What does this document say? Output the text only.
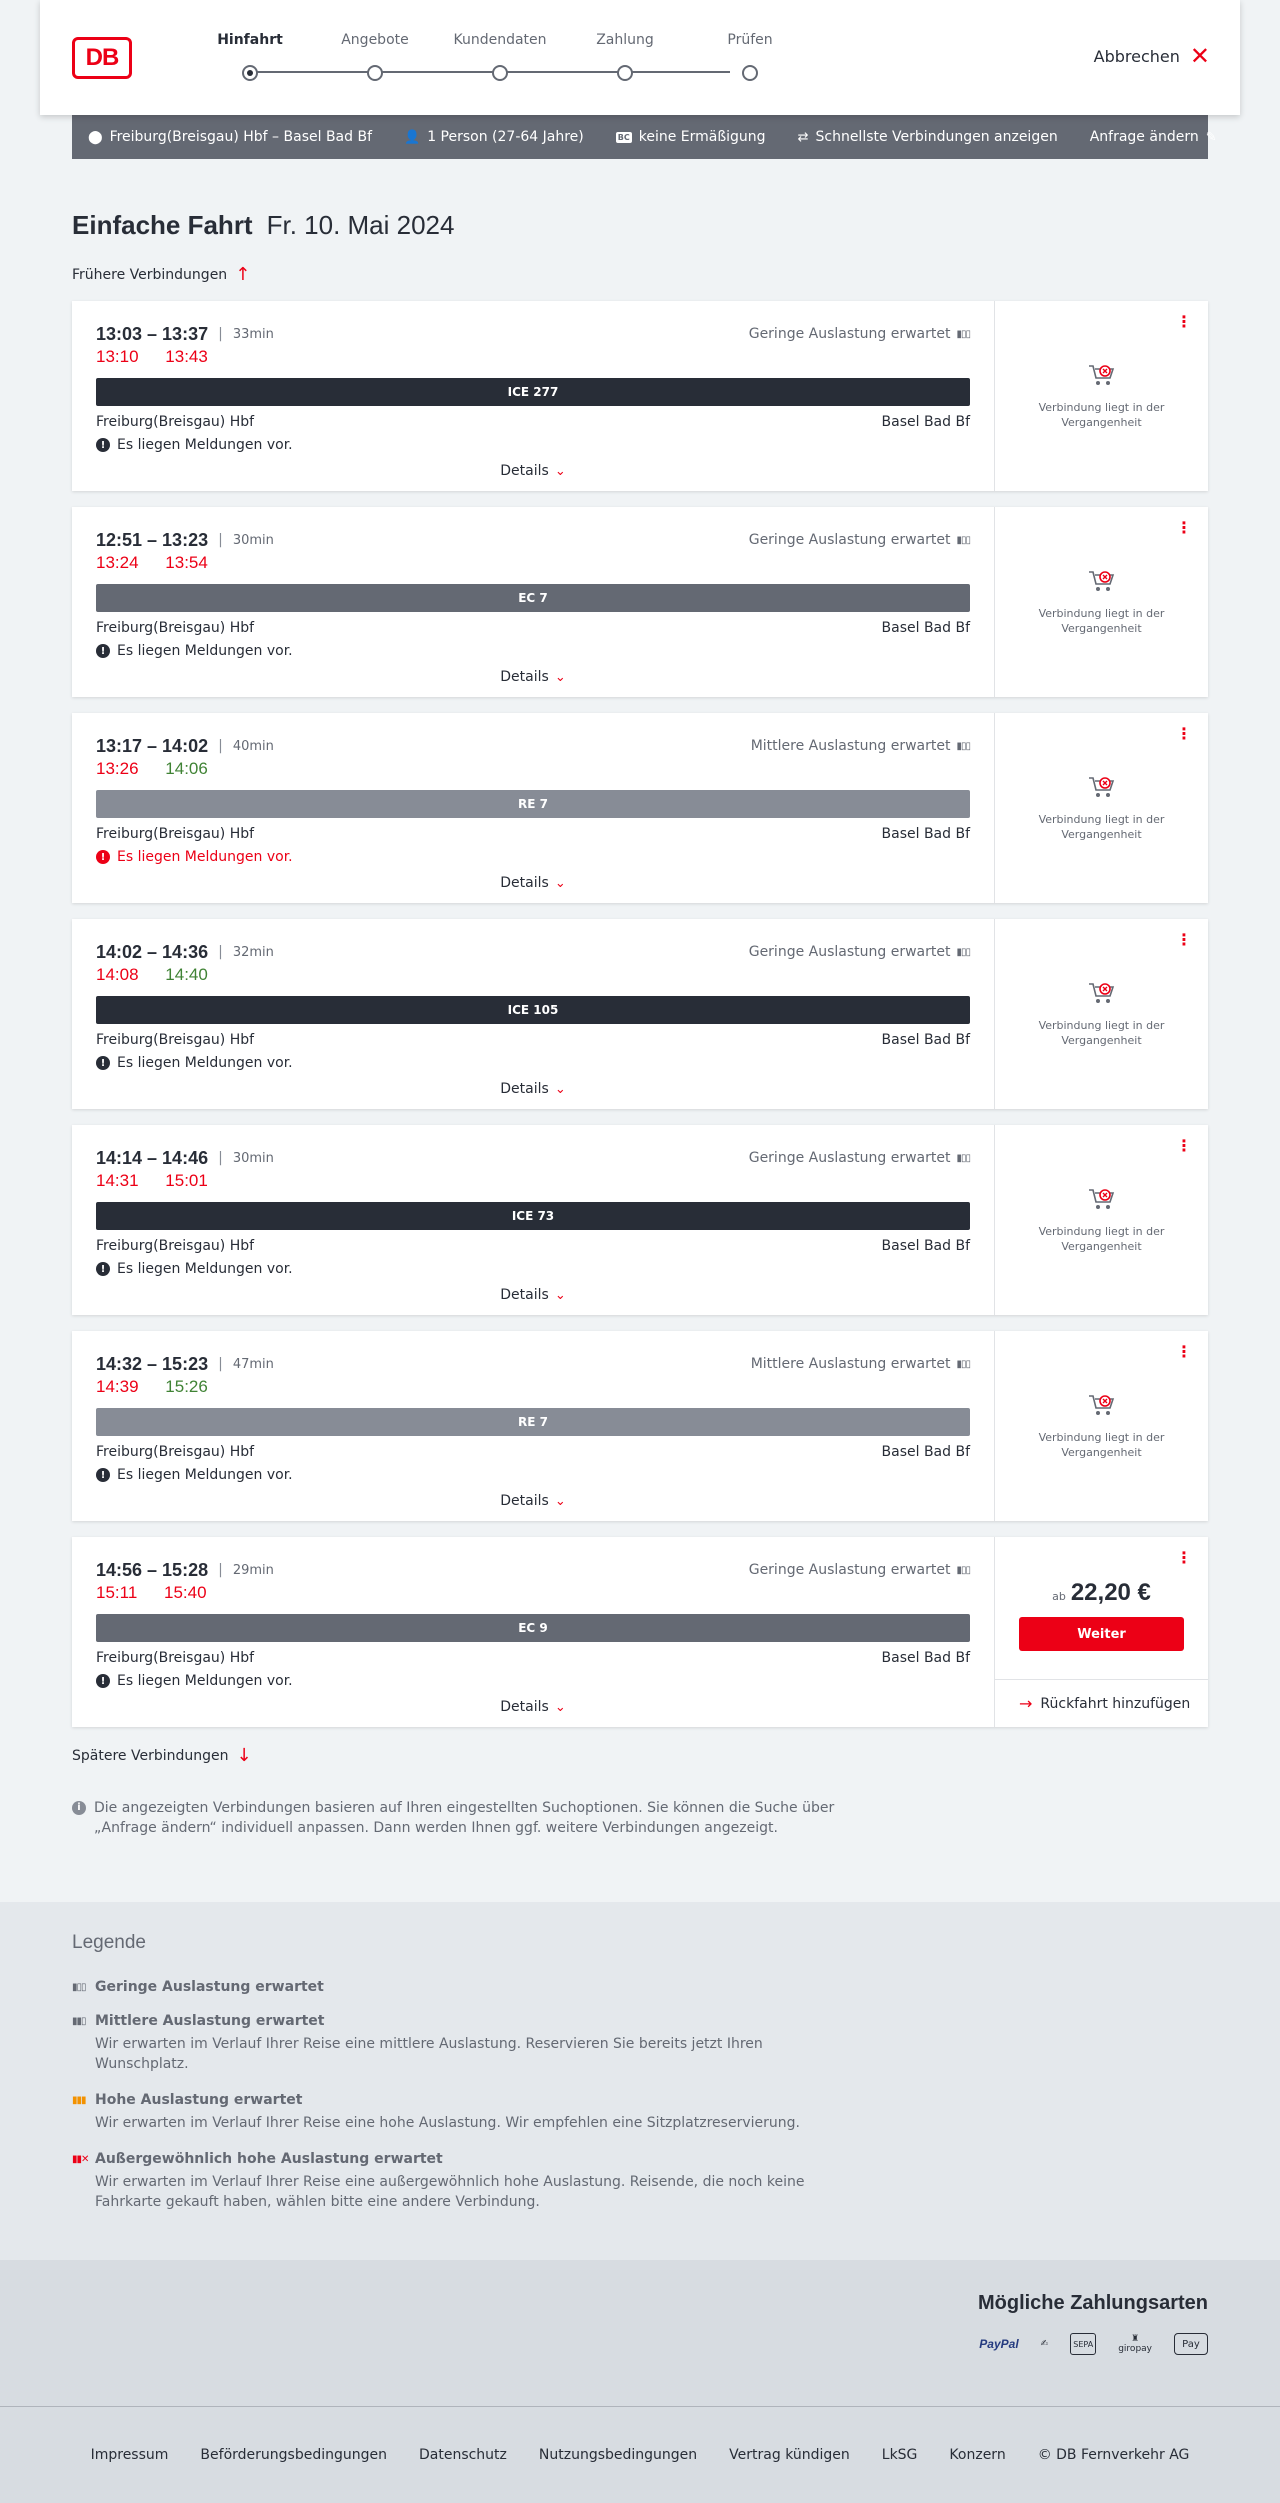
DB
Hinfahrt	Angebote	Kundendaten	Zahlung	Prüfen
Abbrechen ✕
⬤ Freiburg(Breisgau) Hbf – Basel Bad Bf 👤 1 Person (27-64 Jahre)	BC keine Ermäßigung ⇄ Schnellste Verbindungen anzeigen Anfrage ändern ✎
Einfache Fahrt Fr. 10. Mai 2024
Frühere Verbindungen ↑
13:03 – 13:37 | 33min	Geringe Auslastung erwartet ▮▯▯
13:10 13:43
ICE 277
Freiburg(Breisgau) Hbf	Basel Bad Bf
! Es liegen Meldungen vor.
Details ⌄
⋮
Verbindung liegt in der Vergangenheit
12:51 – 13:23 | 30min	Geringe Auslastung erwartet ▮▯▯
13:24 13:54
EC 7
Freiburg(Breisgau) Hbf	Basel Bad Bf
! Es liegen Meldungen vor.
Details ⌄
⋮
Verbindung liegt in der Vergangenheit
13:17 – 14:02 | 40min	Mittlere Auslastung erwartet ▮▯▯
13:26 14:06
RE 7
Freiburg(Breisgau) Hbf	Basel Bad Bf
! Es liegen Meldungen vor.
Details ⌄
⋮
Verbindung liegt in der Vergangenheit
14:02 – 14:36 | 32min	Geringe Auslastung erwartet ▮▯▯
14:08 14:40
ICE 105
Freiburg(Breisgau) Hbf	Basel Bad Bf
! Es liegen Meldungen vor.
Details ⌄
⋮
Verbindung liegt in der Vergangenheit
14:14 – 14:46 | 30min	Geringe Auslastung erwartet ▮▯▯
14:31 15:01
ICE 73
Freiburg(Breisgau) Hbf	Basel Bad Bf
! Es liegen Meldungen vor.
Details ⌄
⋮
Verbindung liegt in der Vergangenheit
14:32 – 15:23 | 47min	Mittlere Auslastung erwartet ▮▯▯
14:39 15:26
RE 7
Freiburg(Breisgau) Hbf	Basel Bad Bf
! Es liegen Meldungen vor.
Details ⌄
⋮
Verbindung liegt in der Vergangenheit
14:56 – 15:28 | 29min	Geringe Auslastung erwartet ▮▯▯
15:11 15:40
EC 9
Freiburg(Breisgau) Hbf	Basel Bad Bf
! Es liegen Meldungen vor.
Details ⌄
⋮
ab 22,20 €
Weiter
→ Rückfahrt hinzufügen
Spätere Verbindungen ↓
i Die angezeigten Verbindungen basieren auf Ihren eingestellten Suchoptionen. Sie können die Suche über „Anfrage ändern“ individuell anpassen. Dann werden Ihnen ggf. weitere Verbindungen angezeigt.
Legende
▮▯▯ Geringe Auslastung erwartet
▮▮▯ Mittlere Auslastung erwartet
Wir erwarten im Verlauf Ihrer Reise eine mittlere Auslastung. Reservieren Sie bereits jetzt Ihren Wunschplatz.
▮▮▮ Hohe Auslastung erwartet
Wir erwarten im Verlauf Ihrer Reise eine hohe Auslastung. Wir empfehlen eine Sitzplatzreservierung.
▮▮✕ Außergewöhnlich hohe Auslastung erwartet
Wir erwarten im Verlauf Ihrer Reise eine außergewöhnlich hohe Auslastung. Reisende, die noch keine Fahrkarte gekauft haben, wählen bitte eine andere Verbindung.
Mögliche Zahlungsarten
PayPal ✍	SEPA	♜
giropay	Pay
Impressum Beförderungsbedingungen Datenschutz Nutzungsbedingungen Vertrag kündigen LkSG Konzern © DB Fernverkehr AG
